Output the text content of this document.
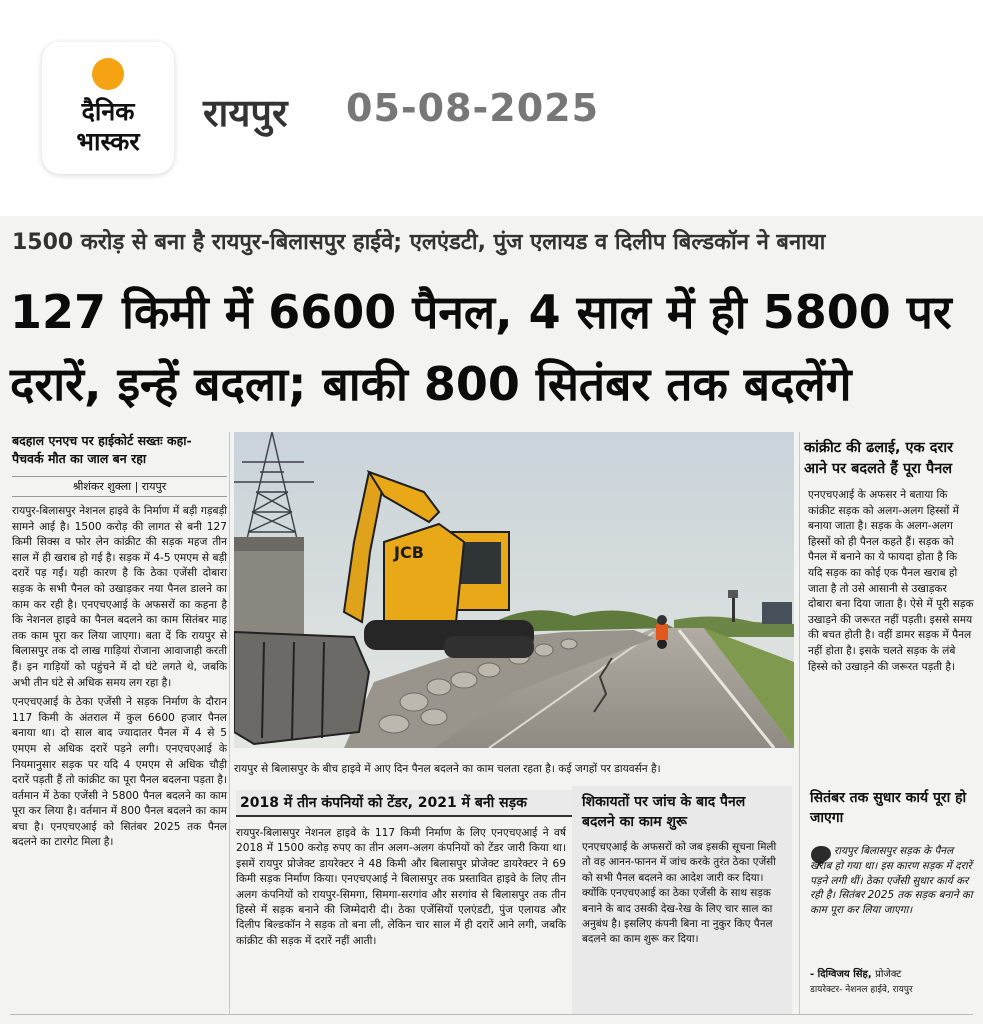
दैनिक
भास्कर
रायपुर 05-08-2025
1500 करोड़ से बना है रायपुर-बिलासपुर हाईवे; एलएंडटी, पुंज एलायड व दिलीप बिल्डकॉन ने बनाया
127 किमी में 6600 पैनल, 4 साल में ही 5800 पर
दरारें, इन्हें बदला; बाकी 800 सितंबर तक बदलेंगे
बदहाल एनएच पर हाईकोर्ट सख्तः कहा-पैचवर्क मौत का जाल बन रहा
श्रीशंकर शुक्ला | रायपुर

रायपुर-बिलासपुर नेशनल हाइवे के निर्माण में बड़ी गड़बड़ी सामने आई है। 1500 करोड़ की लागत से बनी 127 किमी सिक्स व फोर लेन कांक्रीट की सड़क महज तीन साल में ही खराब हो गई है। सड़क में 4-5 एमएम से बड़ी दरारें पड़ गईं। यही कारण है कि ठेका एजेंसी दोबारा सड़क के सभी पैनल को उखाड़कर नया पैनल डालने का काम कर रही है। एनएचएआई के अफसरों का कहना है कि नेशनल हाइवे का पैनल बदलने का काम सितंबर माह तक काम पूरा कर लिया जाएगा। बता दें कि रायपुर से बिलासपुर तक दो लाख गाड़ियां रोजाना आवाजाही करती हैं। इन गाड़ियों को पहुंचने में दो घंटे लगते थे, जबकि अभी तीन घंटे से अधिक समय लग रहा है।

एनएचएआई के ठेका एजेंसी ने सड़क निर्माण के दौरान 117 किमी के अंतराल में कुल 6600 हजार पैनल बनाया था। दो साल बाद ज्यादातर पैनल में 4 से 5 एमएम से अधिक दरारें पड़ने लगी। एनएचएआई के नियमानुसार सड़क पर यदि 4 एमएम से अधिक चौड़ी दरारें पड़ती हैं तो कांक्रीट का पूरा पैनल बदलना पड़ता है। वर्तमान में ठेका एजेंसी ने 5800 पैनल बदलने का काम पूरा कर लिया है। वर्तमान में 800 पैनल बदलने का काम बचा है। एनएचएआई को सितंबर 2025 तक पैनल बदलने का टारगेट मिला है।

JCB
रायपुर से बिलासपुर के बीच हाइवे में आए दिन पैनल बदलने का काम चलता रहता है। कई जगहों पर डायवर्सन है।
कांक्रीट की ढलाई, एक दरार आने पर बदलते हैं पूरा पैनल
एनएचएआई के अफसर ने बताया कि कांक्रीट सड़क को अलग-अलग हिस्सों में बनाया जाता है। सड़क के अलग-अलग हिस्सों को ही पैनल कहते हैं। सड़क को पैनल में बनाने का ये फायदा होता है कि यदि सड़क का कोई एक पैनल खराब हो जाता है तो उसे आसानी से उखाड़कर दोबारा बना दिया जाता है। ऐसे में पूरी सड़क उखाड़ने की जरूरत नहीं पड़ती। इससे समय की बचत होती है। वहीं डामर सड़क में पैनल नहीं होता है। इसके चलते सड़क के लंबे हिस्से को उखाड़ने की जरूरत पड़ती है।
2018 में तीन कंपनियों को टेंडर, 2021 में बनी सड़क
रायपुर-बिलासपुर नेशनल हाइवे के 117 किमी निर्माण के लिए एनएचएआई ने वर्ष 2018 में 1500 करोड़ रुपए का तीन अलग-अलग कंपनियों को टेंडर जारी किया था। इसमें रायपुर प्रोजेक्ट डायरेक्टर ने 48 किमी और बिलासपुर प्रोजेक्ट डायरेक्टर ने 69 किमी सड़क निर्माण किया। एनएचएआई ने बिलासपुर तक प्रस्तावित हाइवे के लिए तीन अलग कंपनियों को रायपुर-सिमगा, सिमगा-सरगांव और सरगांव से बिलासपुर तक तीन हिस्से में सड़क बनाने की जिम्मेदारी दी। ठेका एजेंसियों एलएंडटी, पुंज एलायड और दिलीप बिल्डकॉन ने सड़क तो बना ली, लेकिन चार साल में ही दरारें आने लगी, जबकि कांक्रीट की सड़क में दरारें नहीं आती।
शिकायतों पर जांच के बाद पैनल बदलने का काम शुरू
एनएचएआई के अफसरों को जब इसकी सूचना मिली तो वह आनन-फानन में जांच करके तुरंत ठेका एजेंसी को सभी पैनल बदलने का आदेश जारी कर दिया। क्योंकि एनएचएआई का ठेका एजेंसी के साथ सड़क बनाने के बाद उसकी देख-रेख के लिए चार साल का अनुबंध है। इसलिए कंपनी बिना ना नुकुर किए पैनल बदलने का काम शुरू कर दिया।
सितंबर तक सुधार कार्य पूरा हो जाएगा
रायपुर बिलासपुर सड़क के पैनल खराब हो गया था। इस कारण सड़क में दरारें पड़ने लगी थीं। ठेका एजेंसी सुधार कार्य कर रही है। सितंबर 2025 तक सड़क बनाने का काम पूरा कर लिया जाएगा।
- दिग्विजय सिंह, प्रोजेक्ट
डायरेक्टर- नेशनल हाईवे, रायपुर
